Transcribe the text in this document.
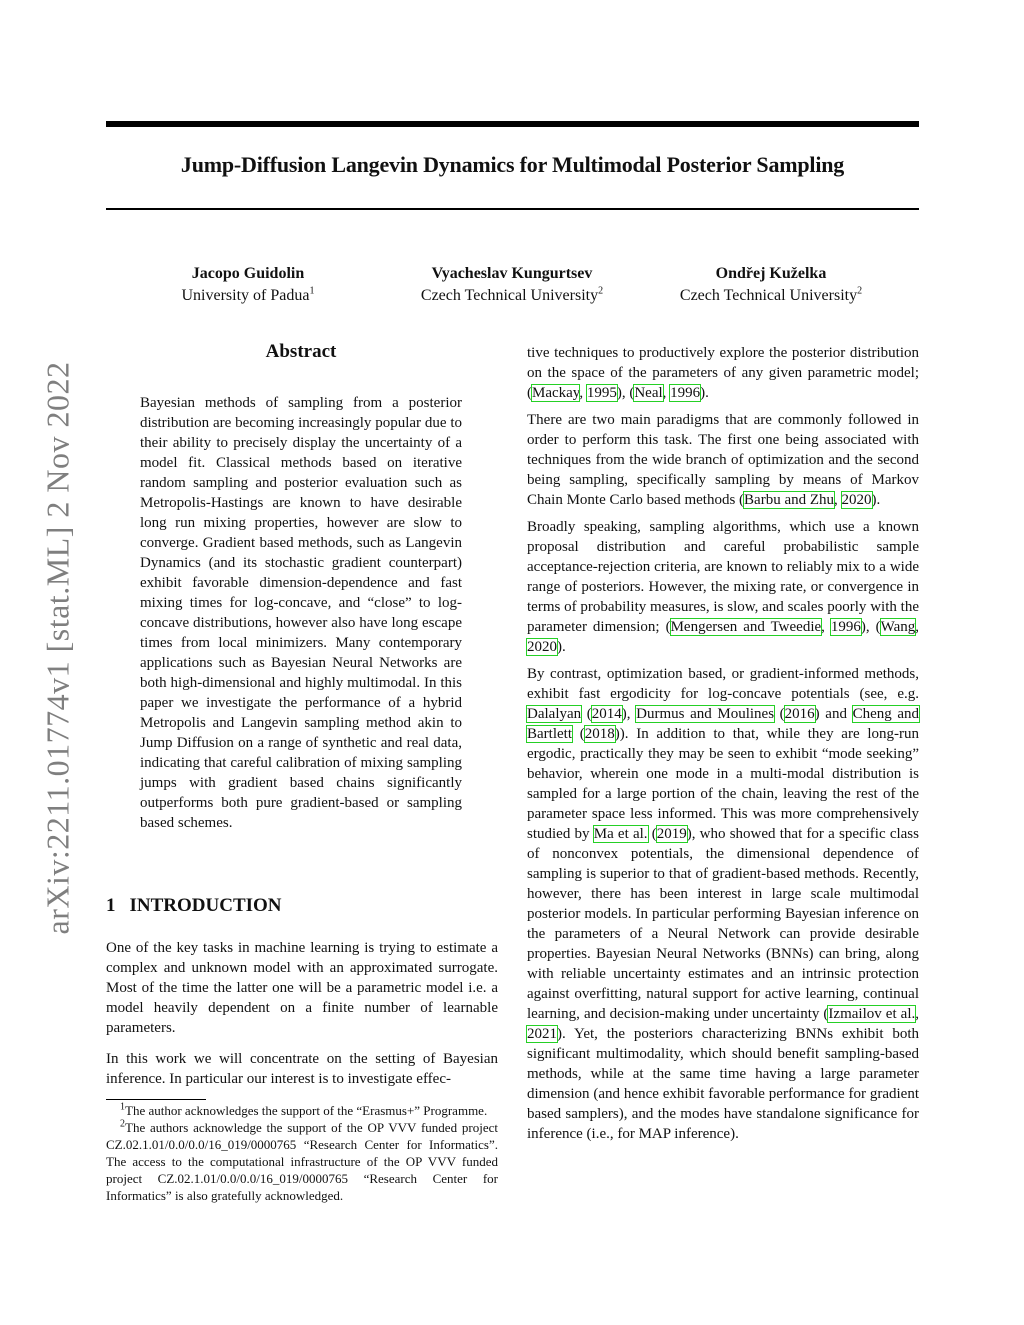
Jump-Diffusion Langevin Dynamics for Multimodal Posterior Sampling
Jacopo Guidolin
University of Padua$^1$
Vyacheslav Kungurtsev
Czech Technical University$^2$
Ondřej Kuželka
Czech Technical University$^2$
arXiv:2211.01774v1 [stat.ML] 2 Nov 2022
Abstract
Bayesian methods of sampling from a posterior distribution are becoming increasingly popular due to their ability to precisely display the uncertainty of a model fit. Classical methods based on iterative random sampling and posterior evaluation such as Metropolis-Hastings are known to have desirable long run mixing properties, however are slow to converge. Gradient based methods, such as Langevin Dynamics (and its stochastic gradient counterpart) exhibit favorable dimension-dependence and fast mixing times for log-concave, and “close” to log-concave distributions, however also have long escape times from local minimizers. Many contemporary applications such as Bayesian Neural Networks are both high-dimensional and highly multimodal. In this paper we investigate the performance of a hybrid Metropolis and Langevin sampling method akin to Jump Diffusion on a range of synthetic and real data, indicating that careful calibration of mixing sampling jumps with gradient based chains significantly outperforms both pure gradient-based or sampling based schemes.
1 INTRODUCTION
One of the key tasks in machine learning is trying to estimate a complex and unknown model with an approximated surrogate. Most of the time the latter one will be a parametric model i.e. a model heavily dependent on a finite number of learnable parameters.
In this work we will concentrate on the setting of Bayesian inference. In particular our interest is to investigate effec-

$^1$The author acknowledges the support of the “Erasmus+” Programme.

$^2$The authors acknowledge the support of the OP VVV funded project CZ.02.1.01/0.0/0.0/16_019/0000765 “Research Center for Informatics”. The access to the computational infrastructure of the OP VVV funded project CZ.02.1.01/0.0/0.0/16_019/0000765 “Research Center for Informatics” is also gratefully acknowledged.

tive techniques to productively explore the posterior distribution on the space of the parameters of any given parametric model; (Mackay, 1995), (Neal, 1996).

There are two main paradigms that are commonly followed in order to perform this task. The first one being associated with techniques from the wide branch of optimization and the second being sampling, specifically sampling by means of Markov Chain Monte Carlo based methods (Barbu and Zhu, 2020).

Broadly speaking, sampling algorithms, which use a known proposal distribution and careful probabilistic sample acceptance-rejection criteria, are known to reliably mix to a wide range of posteriors. However, the mixing rate, or convergence in terms of probability measures, is slow, and scales poorly with the parameter dimension; (Mengersen and Tweedie, 1996), (Wang, 2020).

By contrast, optimization based, or gradient-informed methods, exhibit fast ergodicity for log-concave potentials (see, e.g. Dalalyan (2014), Durmus and Moulines (2016) and Cheng and Bartlett (2018)). In addition to that, while they are long-run ergodic, practically they may be seen to exhibit “mode seeking” behavior, wherein one mode in a multi-modal distribution is sampled for a large portion of the chain, leaving the rest of the parameter space less informed. This was more comprehensively studied by Ma et al. (2019), who showed that for a specific class of nonconvex potentials, the dimensional dependence of sampling is superior to that of gradient-based methods. Recently, however, there has been interest in large scale multimodal posterior models. In particular performing Bayesian inference on the parameters of a Neural Network can provide desirable properties. Bayesian Neural Networks (BNNs) can bring, along with reliable uncertainty estimates and an intrinsic protection against overfitting, natural support for active learning, continual learning, and decision-making under uncertainty (Izmailov et al., 2021). Yet, the posteriors characterizing BNNs exhibit both significant multimodality, which should benefit sampling-based methods, while at the same time having a large parameter dimension (and hence exhibit favorable performance for gradient based samplers), and the modes have standalone significance for inference (i.e., for MAP inference).
